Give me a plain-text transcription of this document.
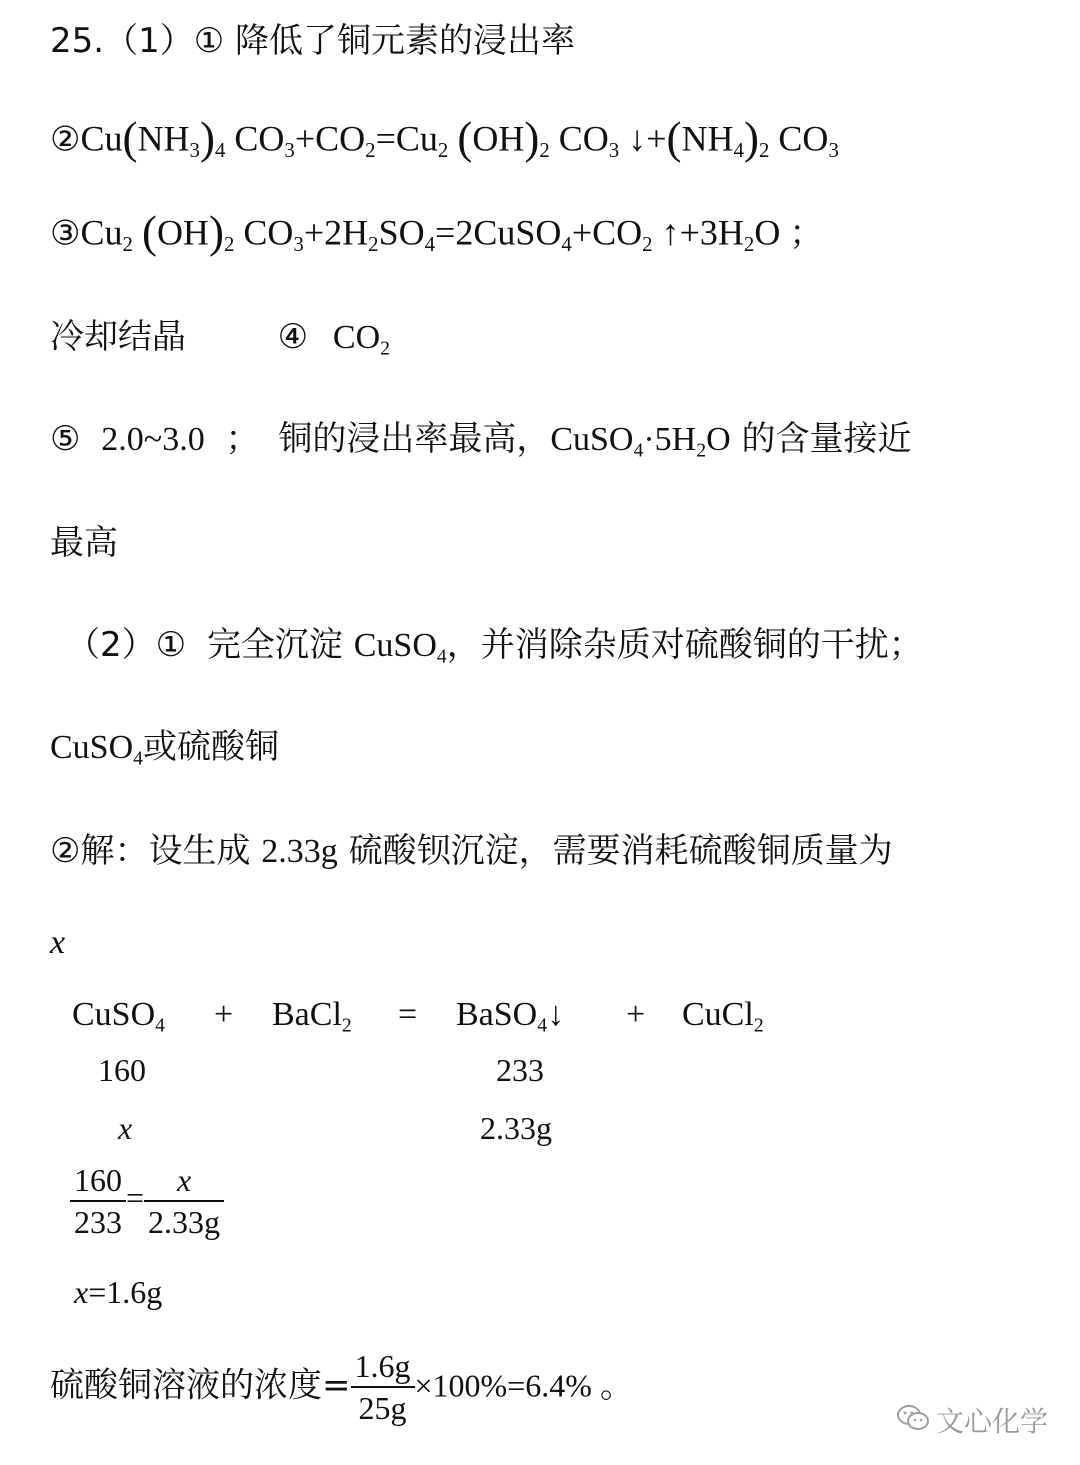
25.（1）① 降低了铜元素的浸出率
$②Cu(NH_3)_4$ $CO_3+CO_2=Cu_2$ $(OH)_2$ $CO_3$ $↓+(NH_4)_2$ $CO_3$
$③Cu_2$ $(OH)_2$ $CO_3+2H_2SO_4=2CuSO_4+CO_2$ $↑+3H_2O$ ；
冷却结晶	④ $CO_2$
⑤ 2.0~3.0 ； 铜的浸出率最高，$CuSO_4\cdot 5H_2O$ 的含量接近
最高
（2）① 完全沉淀 CuSO$_4$，并消除杂质对硫酸铜的干扰；
CuSO$_4$或硫酸铜
②解：设生成 2.33g 硫酸钡沉淀，需要消耗硫酸铜质量为
x
CuSO$_4$ + BaCl$_2$ = BaSO$_4$↓ + CuCl$_2$
160	233
x	2.33g
$\frac{160}{233} = \frac{x}{2.33g}$
x=1.6g
硫酸铜溶液的浓度= $\frac{1.6g}{25g} \times 100\%=6.4\%$ 。
文心化学
